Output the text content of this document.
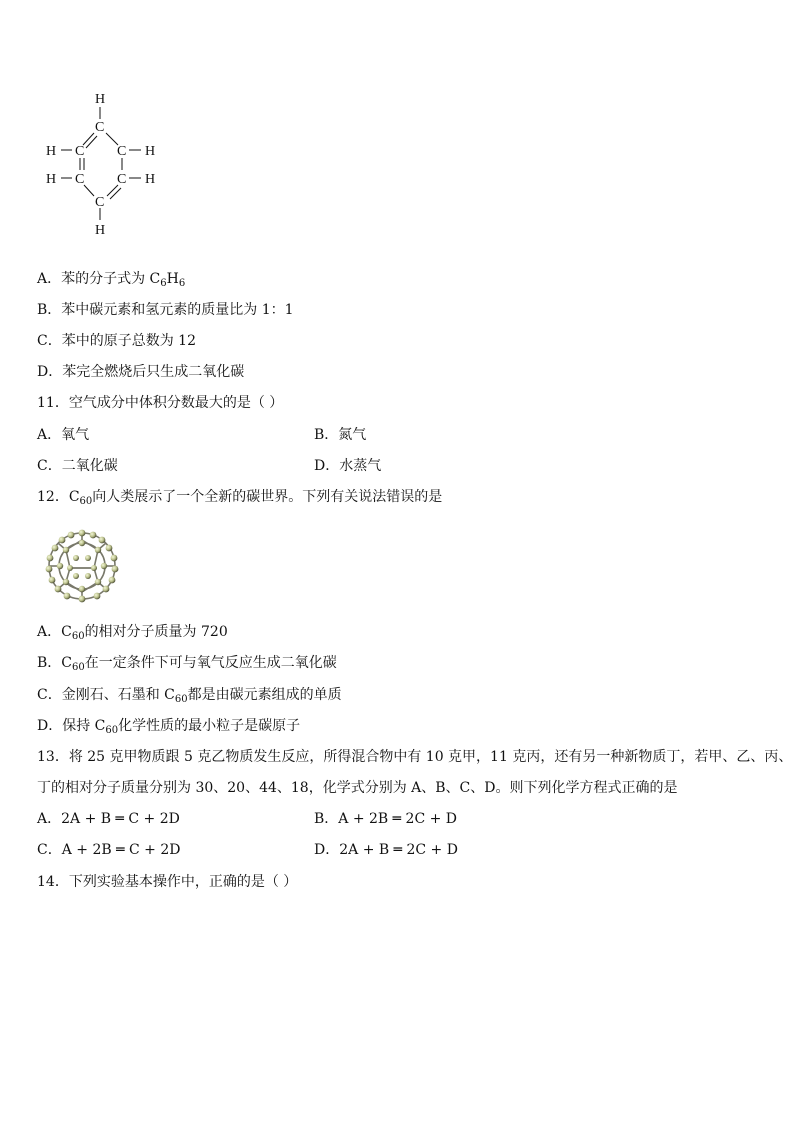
H
C
H C C H
H C C H
C
H
A．苯的分子式为 $C_6H_6$
B．苯中碳元素和氢元素的质量比为 1：1
C．苯中的原子总数为 12
D．苯完全燃烧后只生成二氧化碳
11．空气成分中体积分数最大的是（ ）
A．氧气	B．氮气
C．二氧化碳	D．水蒸气
12．$C_{60}$向人类展示了一个全新的碳世界。下列有关说法错误的是
A．$C_{60}$的相对分子质量为 720
B．$C_{60}$在一定条件下可与氧气反应生成二氧化碳
C．金刚石、石墨和 $C_{60}$都是由碳元素组成的单质
D．保持 $C_{60}$化学性质的最小粒子是碳原子
13．将 25 克甲物质跟 5 克乙物质发生反应，所得混合物中有 10 克甲，11 克丙，还有另一种新物质丁，若甲、乙、丙、
丁的相对分子质量分别为 30、20、44、18，化学式分别为 A、B、C、D。则下列化学方程式正确的是
A．2A + B ═ C + 2D	B．A + 2B ═ 2C + D
C．A + 2B ═ C + 2D	D．2A + B ═ 2C + D
14．下列实验基本操作中，正确的是（ ）
